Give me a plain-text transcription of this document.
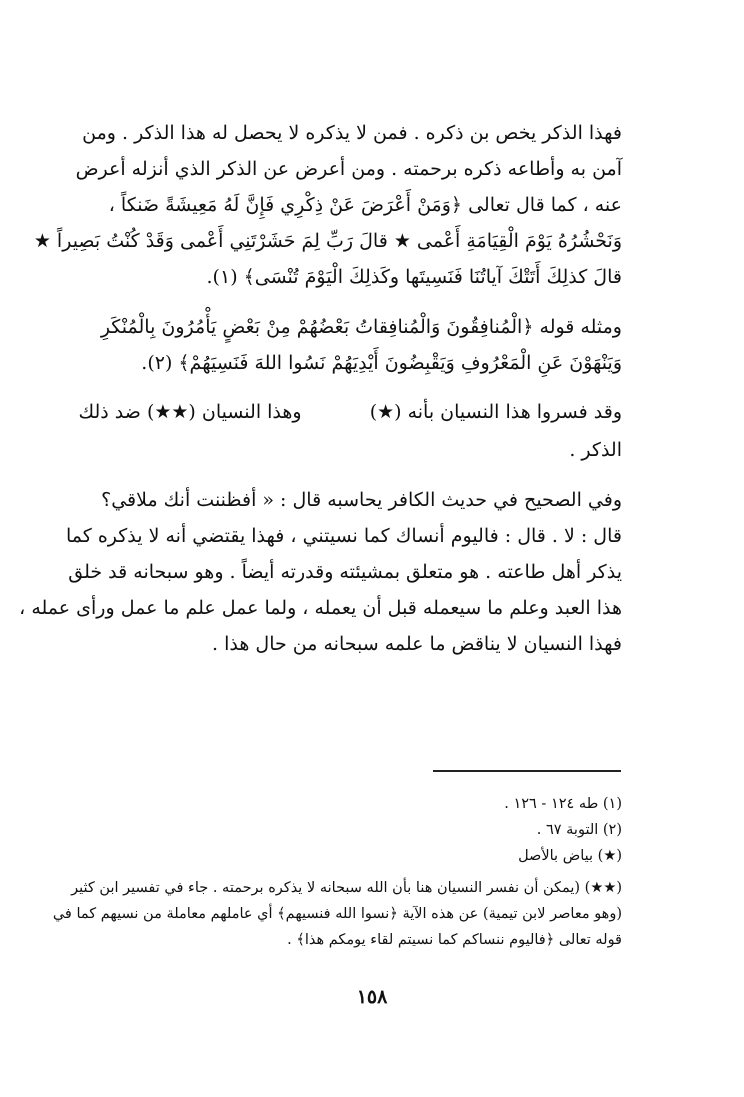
فهذا الذكر يخص بن ذكره . فمن لا يذكره لا يحصل له هذا الذكر . ومن
آمن به وأطاعه ذكره برحمته . ومن أعرض عن الذكر الذي أنزله أعرض
عنه ، كما قال تعالى ﴿وَمَنْ أَعْرَضَ عَنْ ذِكْرِي فَإِنَّ لَهُ مَعِيشَةً ضَنكاً ،
وَنَحْشُرُهُ يَوْمَ الْقِيَامَةِ أَعْمى ★ قالَ رَبِّ لِمَ حَشَرْتَنِي أَعْمى وَقَدْ كُنْتُ بَصِيراً ★
قالَ كذلِكَ أَتَتْكَ آياتُنَا فَنَسِيتَها وكَذلِكَ الْيَوْمَ تُنْسَى﴾ (١).
ومثله قوله ﴿الْمُنافِقُونَ وَالْمُنافِقاتُ بَعْضُهُمْ مِنْ بَعْضٍ يَأْمُرُونَ بِالْمُنْكَرِ
وَيَنْهَوْنَ عَنِ الْمَعْرُوفِ وَيَقْبِضُونَ أَيْدِيَهُمْ نَسُوا اللهَ فَنَسِيَهُمْ﴾ (٢).
وقد فسروا هذا النسيان بأنه (★)  وهذا النسيان (★★) ضد ذلك
الذكر .
وفي الصحيح في حديث الكافر يحاسبه قال : « أفظننت أنك ملاقي؟
قال : لا . قال : فاليوم أنساك كما نسيتني ، فهذا يقتضي أنه لا يذكره كما
يذكر أهل طاعته . هو متعلق بمشيئته وقدرته أيضاً . وهو سبحانه قد خلق
هذا العبد وعلم ما سيعمله قبل أن يعمله ، ولما عمل علم ما عمل ورأى عمله ،
فهذا النسيان لا يناقض ما علمه سبحانه من حال هذا .
(١) طه ١٢٤ - ١٢٦ .
(٢) التوبة ٦٧ .
(★) بياض بالأصل
(★★) (يمكن أن نفسر النسيان هنا بأن الله سبحانه لا يذكره برحمته . جاء في تفسير ابن كثير
(وهو معاصر لابن تيمية) عن هذه الآية ﴿نسوا الله فنسيهم﴾ أي عاملهم معاملة من نسيهم كما في
قوله تعالى ﴿فاليوم ننساكم كما نسيتم لقاء يومكم هذا﴾ .
١٥٨
